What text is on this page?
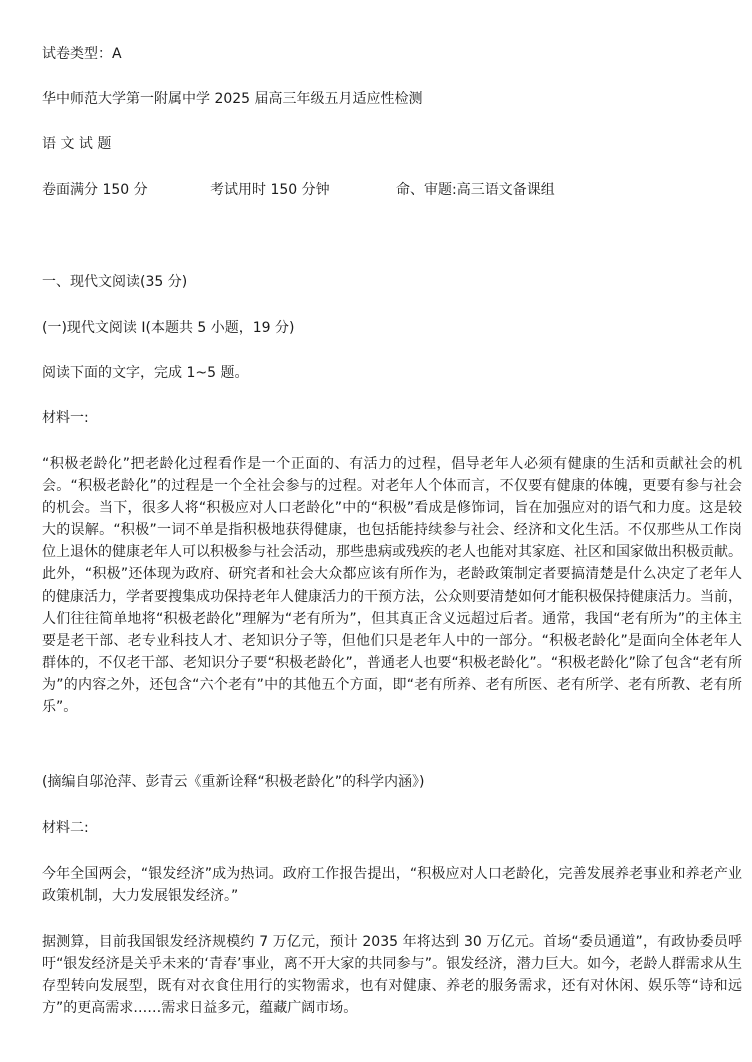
试卷类型：A
华中师范大学第一附属中学 2025 届高三年级五月适应性检测
语 文 试 题
卷面满分 150 分	考试用时 150 分钟	命、审题:高三语文备课组
一、现代文阅读(35 分)
(一)现代文阅读 I(本题共 5 小题，19 分)
阅读下面的文字，完成 1~5 题。
材料一:
“积极老龄化”把老龄化过程看作是一个正面的、有活力的过程，倡导老年人必须有健康的生活和贡献社会的机会。“积极老龄化”的过程是一个全社会参与的过程。对老年人个体而言，不仅要有健康的体魄，更要有参与社会的机会。当下，很多人将“积极应对人口老龄化”中的“积极”看成是修饰词，旨在加强应对的语气和力度。这是较大的误解。“积极”一词不单是指积极地获得健康，也包括能持续参与社会、经济和文化生活。不仅那些从工作岗位上退休的健康老年人可以积极参与社会活动，那些患病或残疾的老人也能对其家庭、社区和国家做出积极贡献。此外，“积极”还体现为政府、研究者和社会大众都应该有所作为，老龄政策制定者要搞清楚是什么决定了老年人的健康活力，学者要搜集成功保持老年人健康活力的干预方法，公众则要清楚如何才能积极保持健康活力。当前，人们往往简单地将“积极老龄化”理解为“老有所为”，但其真正含义远超过后者。通常，我国“老有所为”的主体主要是老干部、老专业科技人才、老知识分子等，但他们只是老年人中的一部分。“积极老龄化”是面向全体老年人群体的，不仅老干部、老知识分子要“积极老龄化”，普通老人也要“积极老龄化”。“积极老龄化”除了包含“老有所为”的内容之外，还包含“六个老有”中的其他五个方面，即“老有所养、老有所医、老有所学、老有所教、老有所乐”。
(摘编自邬沧萍、彭青云《重新诠释“积极老龄化”的科学内涵》)
材料二:
今年全国两会，“银发经济”成为热词。政府工作报告提出，“积极应对人口老龄化，完善发展养老事业和养老产业政策机制，大力发展银发经济。”
据测算，目前我国银发经济规模约 7 万亿元，预计 2035 年将达到 30 万亿元。首场“委员通道”，有政协委员呼吁“银发经济是关乎未来的‘青春’事业，离不开大家的共同参与”。银发经济，潜力巨大。如今，老龄人群需求从生存型转向发展型，既有对衣食住用行的实物需求，也有对健康、养老的服务需求，还有对休闲、娱乐等“诗和远方”的更高需求……需求日益多元，蕴藏广阔市场。
